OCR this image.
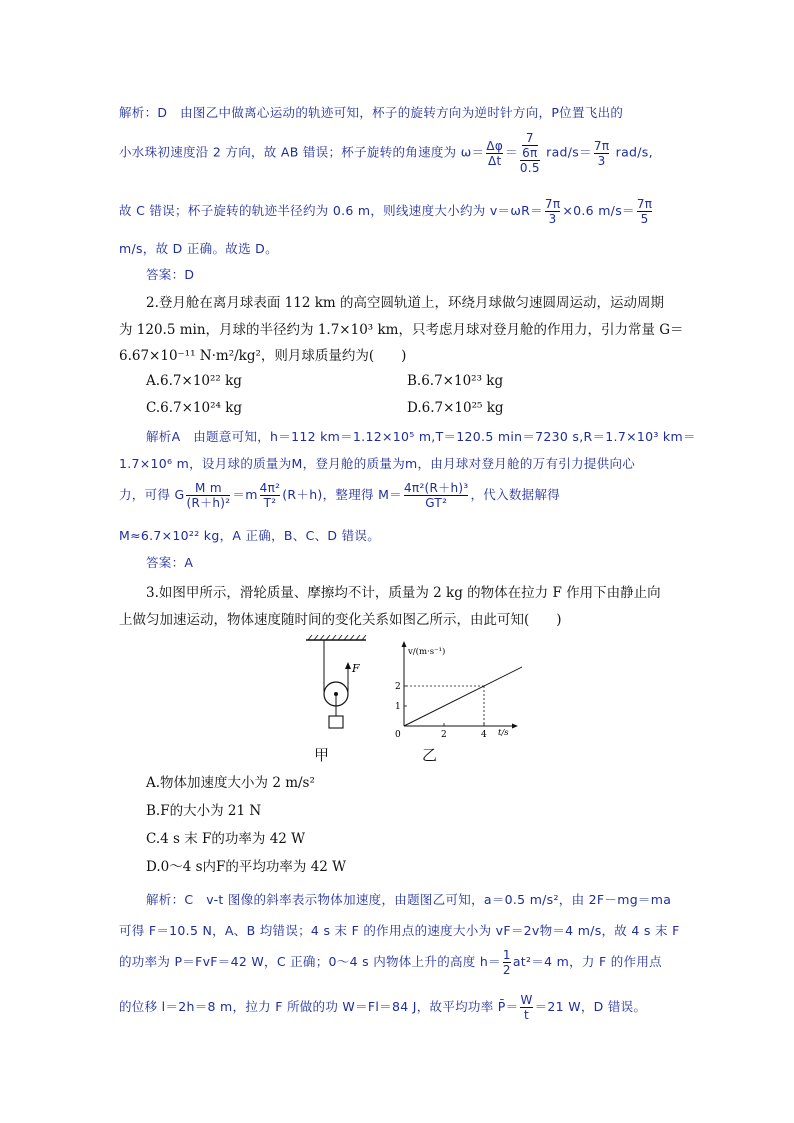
解析：D　由图乙中做离心运动的轨迹可知，杯子的旋转方向为逆时针方向，P位置飞出的
小水珠初速度沿 2 方向，故 AB 错误；杯子旋转的角速度为 $\omega= \frac{\Delta\varphi}{\Delta t} = \frac{\frac{7}{6\pi}}{0.5} rad/s= \frac{7\pi}{3} rad/s$,
故 C 错误；杯子旋转的轨迹半径约为 0.6 m，则线速度大小约为 $v=\omega R= \frac{7\pi}{3} \times 0.6$ $m/s= \frac{7\pi}{5}$
m/s，故 D 正确。故选 D。
答案：D
2.登月舱在离月球表面 112 km 的高空圆轨道上，环绕月球做匀速圆周运动，运动周期
为 120.5 min，月球的半径约为 1.7×10³ km，只考虑月球对登月舱的作用力，引力常量 G＝
6.67×10⁻¹¹ N·m²/kg²，则月球质量约为(　　)
A.6.7×10²² kg	B.6.7×10²³ kg
C.6.7×10²⁴ kg	D.6.7×10²⁵ kg
解析A　由题意可知，h＝112 km＝1.12×10⁵ m,T＝120.5 min＝7230 s,R＝1.7×10³ km＝
1.7×10⁶ m，设月球的质量为M，登月舱的质量为m，由月球对登月舱的万有引力提供向心
力，可得 G $\frac{\text{M m}}{\text{(R＋h)²}} =m \frac{\text{4π²}}{\text{T²}} (R+h)$，整理得 $M= \frac{\text{4π²(R＋h)³}}{\text{GT²}}$ ，代入数据解得
M≈6.7×10²² kg，A 正确，B、C、D 错误。
答案：A
3.如图甲所示，滑轮质量、摩擦均不计，质量为 2 kg 的物体在拉力 F 作用下由静止向
上做匀加速运动，物体速度随时间的变化关系如图乙所示，由此可知(　　)
F
v/(m·s⁻¹)
t/s
0	2	4
1
2
甲	乙
A.物体加速度大小为 2 m/s²
B.F的大小为 21 N
C.4 s 末 F的功率为 42 W
D.0～4 s内F的平均功率为 42 W
解析：C　v-t 图像的斜率表示物体加速度，由题图乙可知，a＝0.5 m/s²，由 2F－mg＝ma
可得 F＝10.5 N，A、B 均错误；4 s 末 F 的作用点的速度大小为 vF＝2v物＝4 m/s，故 4 s 末 F
的功率为 P＝FvF＝42 W，C 正确；0～4 s 内物体上升的高度 $h= \frac{1}{2} at^2=4$ m，力 F 的作用点
的位移 l＝2h＝8 m，拉力 F 所做的功 W＝Fl＝84 J，故平均功率 P̄＝ $\frac{W}{t} =21$ W，D 错误。
